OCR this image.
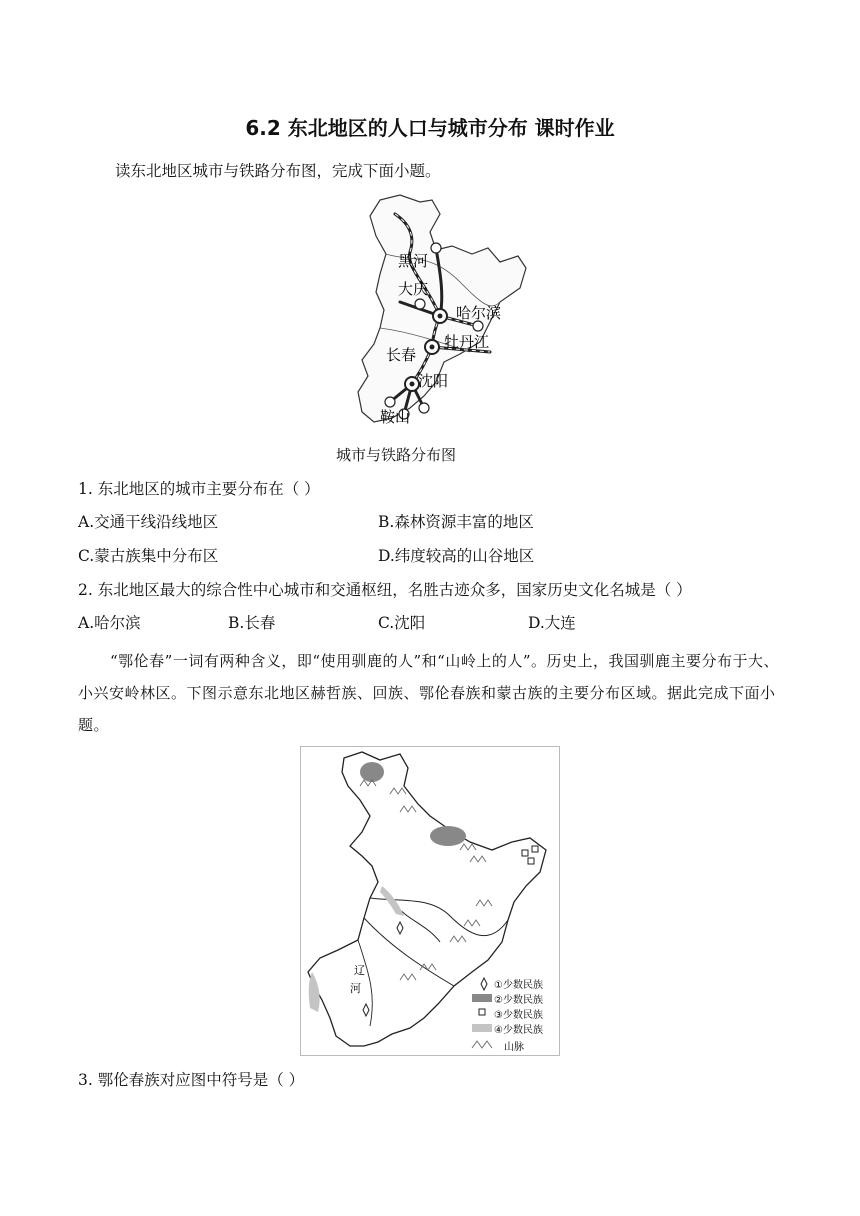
6.2 东北地区的人口与城市分布 课时作业
读东北地区城市与铁路分布图，完成下面小题。
黑河
大庆
哈尔滨
长春
牡丹江
沈阳
鞍山
城市与铁路分布图
1. 东北地区的城市主要分布在（ ）
A.交通干线沿线地区	B.森林资源丰富的地区
C.蒙古族集中分布区	D.纬度较高的山谷地区
2. 东北地区最大的综合性中心城市和交通枢纽，名胜古迹众多，国家历史文化名城是（ ）
A.哈尔滨	B.长春	C.沈阳	D.大连
“鄂伦春”一词有两种含义，即“使用驯鹿的人”和“山岭上的人”。历史上，我国驯鹿主要分布于大、小兴安岭林区。下图示意东北地区赫哲族、回族、鄂伦春族和蒙古族的主要分布区域。据此完成下面小题。
辽
河	①少数民族
②少数民族
③少数民族
④少数民族
山脉
3. 鄂伦春族对应图中符号是（ ）
